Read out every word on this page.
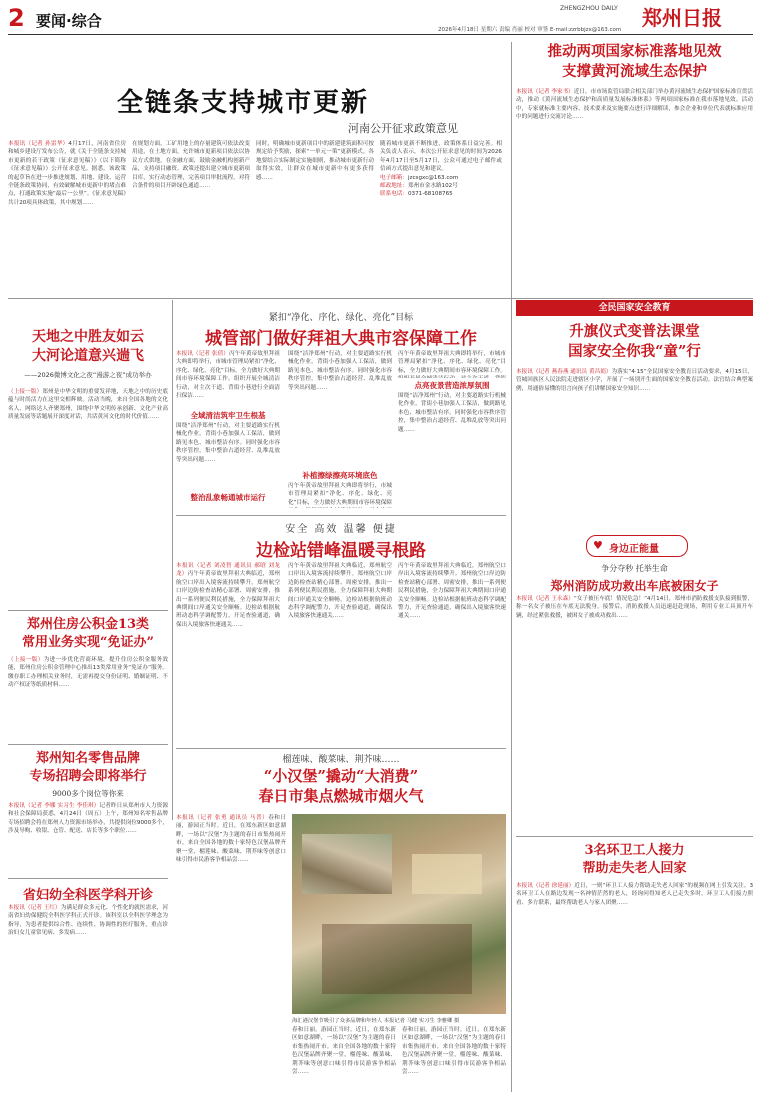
2 要闻·综合
ZHENGZHOU DAILY 郑州日报
2026年4月18日 星期六 责编 肖丽 校对 审签 E-mail:zzrbbjzx@163.com
全链条支持城市更新
河南公开征求政策意见
本报讯（记者 孙雷华）4月17日，河南省住房和城乡建设厅发布公告，就《关于全链条支持城市更新的若干政策（征求意见稿）》（以下简称《征求意见稿》）公开征求意见。据悉，该政策的起草旨在进一步推进规划、用地、建设、运营全链条政策协同，有效破解城市更新中的堵点难点，打通政策实施“最后一公里”。《征求意见稿》共计20项具体政策，其中规划……
在规划方面，工矿用地上的存量建筑可依法改变用途，在土地方面，允许城市更新项目依法以协议方式供地，在金融方面，鼓励金融机构创新产品，支持项目融资。政策还提出建立城市更新项目库，实行动态管理，完善项目审批流程，对符合条件的项目开辟绿色通道……
同时，明确城市更新项目中的新建建筑面积可按规定给予奖励，探索“一单元一策”更新模式。各地要结合实际制定实施细则，推动城市更新行动取得实效，让群众在城市更新中有更多获得感……
随着城市更新不断推进，政策体系日益完善。相关负责人表示，本次公开征求意见的时间为2026年4月17日至5月17日，公众可通过电子邮件或信函方式提出意见和建议。
电子邮箱：jzcsgxc@163.com
邮政地址：郑州市金水路102号
联系电话：0371-68108765
推动两项国家标准落地见效
支撑黄河流域生态保护
本报讯（记者 李家书）近日，市市场监管局联合相关部门举办黄河流域生态保护国家标准宣贯活动，推动《黄河流域生态保护和高质量发展标准体系》等两项国家标准在我市落地见效。活动中，专家就标准主要内容、技术要求及实施要点进行详细解读，参会企业和单位代表就标准应用中的问题进行交流讨论……
天地之中胜友如云
大河论道意兴遄飞
——2026微博文化之夜“漫游之夜”成功举办
（上接一版）郑州是中华文明的重要发祥地，天地之中的历史底蕴与时尚活力在这里交相辉映。活动当晚，来自全国各地的文化名人、网络达人齐聚郑州，围绕中华文明传承创新、文化产业高质量发展等话题展开深度对话，共话黄河文化的时代价值……
紧扣“净化、序化、绿化、亮化”目标
城管部门做好拜祖大典市容保障工作
本报讯（记者 张倩）丙午年黄帝故里拜祖大典即将举行，市城市管理局紧扣“净化、序化、绿化、亮化”目标，全力做好大典期间市容环境保障工作。组织开展全城清洁行动，对主次干道、背街小巷进行全面清扫保洁……
全域清洁筑牢卫生根基
围绕“洁净郑州”行动，对主要道路实行机械化作业，背街小巷加强人工保洁，做到路见本色、城市整洁有序。同时强化市容秩序管控，集中整治占道经营、乱堆乱放等突出问题……
整治乱象畅通城市运行
围绕“洁净郑州”行动，对主要道路实行机械化作业，背街小巷加强人工保洁，做到路见本色、城市整洁有序。同时强化市容秩序管控，集中整治占道经营、乱堆乱放等突出问题……
补植擦绿擦亮环境底色
丙午年黄帝故里拜祖大典即将举行，市城市管理局紧扣“净化、序化、绿化、亮化”目标，全力做好大典期间市容环境保障
丙午年黄帝故里拜祖大典即将举行，市城市管理局紧扣“净化、序化、绿化、亮化”目标，全力做好大典期间市容环境保障工作。
点亮夜景营造浓厚氛围
围绕“洁净郑州”行动，对主要道路实行机械化作业，背街小巷加强人工保洁，做到路见本色、城市整洁有序。同时强化市容秩序管控，集中整治占道经营、乱堆乱放等突出问题……
全民国家安全教育
升旗仪式变普法课堂
国家安全你我“童”行
本报讯（记者 燕春燕 通讯员 黄昌娟）为落实“4·15”全民国家安全教育日活动要求，4月15日，管城回族区人民法院走进辖区小学，开展了一场别开生面的国家安全教育活动。法官结合典型案例，用通俗易懂的语言向孩子们讲解国家安全知识……
安全 高效 温馨 便捷
边检站错峰温暖寻根路
本报讯（记者 刘凌智 通讯员 郝晗 刘龙龙）丙午年黄帝故里拜祖大典临近，郑州航空口岸出入境客流持续攀升。郑州航空口岸边防检查站精心部署、周密安排，推出一系列便民利民措施，全力保障拜祖大典期间口岸通关安全顺畅。边检站根据航班动态科学调配警力，开足查验通道，确保出入境旅客快速通关……
丙午年黄帝故里拜祖大典临近，郑州航空口岸出入境客流持续攀升。郑州航空口岸边防检查站精心部署、周密安排，推出一系列便民利民措施，全力保障拜祖大典期间口岸通关安全顺畅。边检站根据航班动态科学调配警力，开足查验通道，确保出入境旅客快速通关……
丙午年黄帝故里拜祖大典临近，郑州航空口岸出入境客流持续攀升。郑州航空口岸边防检查站精心部署、周密安排，推出一系列便民利民措施，全力保障拜祖大典期间口岸通关安全顺畅。边检站根据航班动态科学调配警力，开足查验通道，确保出入境旅客快速通关……
♥ 身边正能量
争分夺秒 托举生命
郑州消防成功救出车底被困女子
本报讯（记者 王永森）“女子被压车底！情况危急！”4月14日，郑州市消防救援支队接到报警，称一名女子被压在车底无法脱身。接警后，消防救援人员迅速赶赴现场，利用专业工具顶升车辆，经过紧张救援，被困女子被成功救出……
郑州住房公积金13类
常用业务实现“免证办”
（上接一版）为进一步优化营商环境，提升住房公积金服务效能，郑州住房公积金管理中心推出13类常用业务“免证办”服务。缴存职工办理相关业务时，无需再提交身份证明、婚姻证明、不动产权证等纸质材料……
郑州知名零售品牌
专场招聘会即将举行
9000多个岗位等你来
本报讯（记者 李娜 实习生 李佳琪）记者昨日从郑州市人力资源和社会保障局获悉，4月24日（周五）上午，郑州知名零售品牌专场招聘会将在郑州人力资源市场举办，共提供岗位9000多个，涉及导购、收银、仓管、配送、店长等多个职位……
省妇幼全科医学科开诊
本报讯（记者 王红）为满足群众多元化、个性化的就医需求，河南省妇幼保健院全科医学科正式开诊。该科室以全科医学理念为指导，为患者提供综合性、连续性、协调性的医疗服务，重点诊治妇女儿童常见病、多发病……
榴莲味、酸菜味、荆芥味……
“小汉堡”撬动“大消费”
春日市集点燃城市烟火气
本报讯（记者 张勇 通讯员 马普）春和日丽，游园正当时。近日，在郑东新区如意湖畔，一场以“汉堡”为主题的春日市集热闹开市。来自全国各地的数十家特色汉堡品牌齐聚一堂，榴莲味、酸菜味、荆芥味等创意口味引得市民游客争相品尝……
海汇港汉堡节吸引了众多品牌和年轻人 本报记者 马健 实习生 李雅卿 摄
春和日丽，游园正当时。近日，在郑东新区如意湖畔，一场以“汉堡”为主题的春日市集热闹开市。来自全国各地的数十家特色汉堡品牌齐聚一堂，榴莲味、酸菜味、荆芥味等创意口味引得市民游客争相品尝……
春和日丽，游园正当时。近日，在郑东新区如意湖畔，一场以“汉堡”为主题的春日市集热闹开市。来自全国各地的数十家特色汉堡品牌齐聚一堂，榴莲味、酸菜味、荆芥味等创意口味引得市民游客争相品尝……
3名环卫工人接力
帮助走失老人回家
本报讯（记者 徐延丽）近日，一则“环卫工人接力帮助走失老人回家”的视频在网上引发关注。3名环卫工人在路边发现一名神情茫然的老人，经询问得知老人已走失多时，环卫工人们接力照看、多方联系，最终帮助老人与家人团聚……
